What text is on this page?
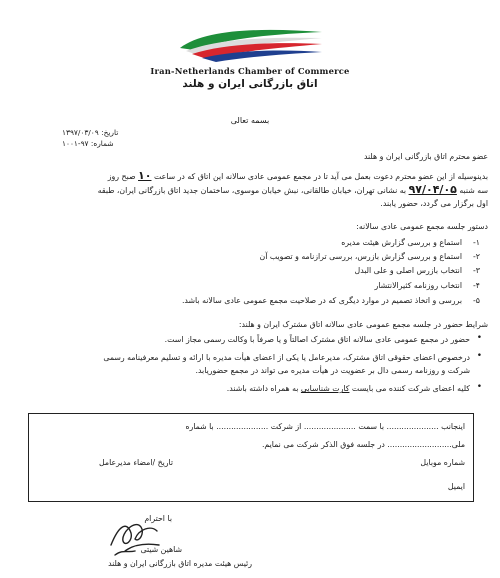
Iran-Netherlands Chamber of Commerce
اتاق بازرگانی ایران و هلند
بسمه تعالی
تاریخ: ۱۳۹۷/۰۳/۰۹
شماره: ۹۷-۱۰۰۱
عضو محترم اتاق بازرگانی ایران و هلند
بدینوسیله از این عضو محترم دعوت بعمل می آید تا در مجمع عمومی عادی سالانه این اتاق که در ساعت ۱۰ صبح روز
سه شنبه ۹۷/۰۴/۰۵ به نشانی تهران، خیابان طالقانی، نبش خیابان موسوی، ساختمان جدید اتاق بازرگانی ایران، طبقه
اول برگزار می گردد، حضور یابند.
دستور جلسه مجمع عمومی عادی سالانه:
۱-
استماع و بررسی گزارش هیئت مدیره
۲-
استماع و بررسی گزارش بازرس، بررسی ترازنامه و تصویب آن
۳-
انتخاب بازرس اصلی و علی البدل
۴-
انتخاب روزنامه کثیرالانتشار
۵-
بررسی و اتخاذ تصمیم در موارد دیگری که در صلاحیت مجمع عمومی عادی سالانه باشد.
شرایط حضور در جلسه مجمع عمومی عادی سالانه اتاق مشترک ایران و هلند:
•
حضور در مجمع عمومی عادی سالانه اتاق مشترک اصالتاً و یا صرفاً با وکالت رسمی مجاز است.
•
درخصوص اعضای حقوقی اتاق مشترک، مدیرعامل یا یکی از اعضای هیأت مدیره با ارائه و تسلیم معرفینامه رسمی
شرکت و روزنامه رسمی دال بر عضویت در هیأت مدیره می تواند در مجمع حضوریابد.
•
کلیه اعضای شرکت کننده می بایست کارت شناسایی به همراه داشته باشند.
اینجانب ..................... با سمت ..................... از شرکت ..................... با شماره
ملی.......................... در جلسه فوق الذکر شرکت می نمایم.
شماره موبایل
تاریخ /امضاء مدیرعامل
ایمیل
با احترام
شاهین شیتی
رئیس هیئت مدیره اتاق بازرگانی ایران و هلند
